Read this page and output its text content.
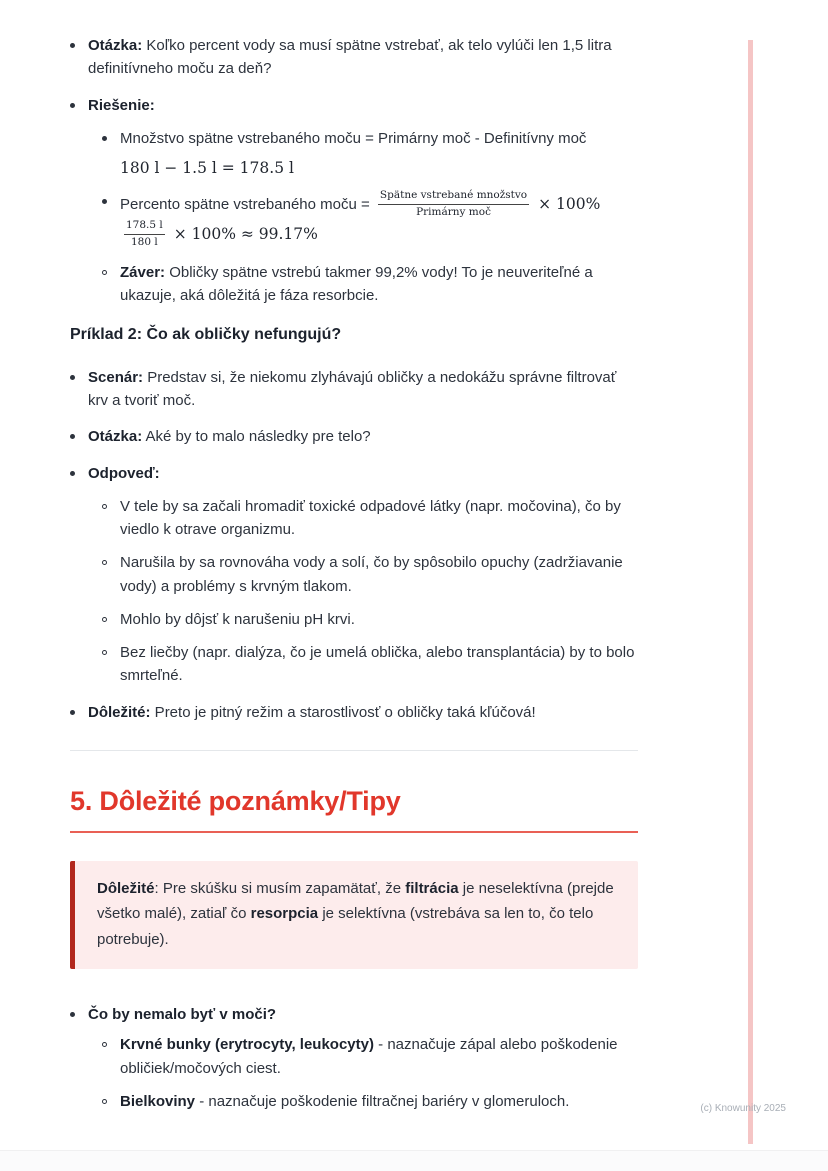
Otázka: Koľko percent vody sa musí spätne vstrebať, ak telo vylúči len 1,5 litra definitívneho moču za deň?
Riešenie:
Množstvo spätne vstrebaného moču = Primárny moč - Definitívny moč
180 l − 1.5 l = 178.5 l
Percento spätne vstrebaného moču = $\frac{\text{Spätne vstrebané množstvo}}{\text{Primárny moč}} \times 100\%$
$\frac{178.5 l}{180 l} \times 100\% \approx 99.17\%$
Záver: Obličky spätne vstrebú takmer 99,2% vody! To je neuveriteľné a ukazuje, aká dôležitá je fáza resorbcie.
Príklad 2: Čo ak obličky nefungujú?
Scenár: Predstav si, že niekomu zlyhávajú obličky a nedokážu správne filtrovať krv a tvoriť moč.
Otázka: Aké by to malo následky pre telo?
Odpoveď:
V tele by sa začali hromadiť toxické odpadové látky (napr. močovina), čo by viedlo k otrave organizmu.
Narušila by sa rovnováha vody a solí, čo by spôsobilo opuchy (zadržiavanie vody) a problémy s krvným tlakom.
Mohlo by dôjsť k narušeniu pH krvi.
Bez liečby (napr. dialýza, čo je umelá oblička, alebo transplantácia) by to bolo smrteľné.
Dôležité: Preto je pitný režim a starostlivosť o obličky taká kľúčová!
5. Dôležité poznámky/Tipy
Dôležité: Pre skúšku si musím zapamätať, že filtrácia je neselektívna (prejde všetko malé), zatiaľ čo resorpcia je selektívna (vstrebáva sa len to, čo telo potrebuje).
Čo by nemalo byť v moči?
Krvné bunky (erytrocyty, leukocyty) - naznačuje zápal alebo poškodenie obličiek/močových ciest.
Bielkoviny - naznačuje poškodenie filtračnej bariéry v glomeruloch.	(c) Knowunity 2025
